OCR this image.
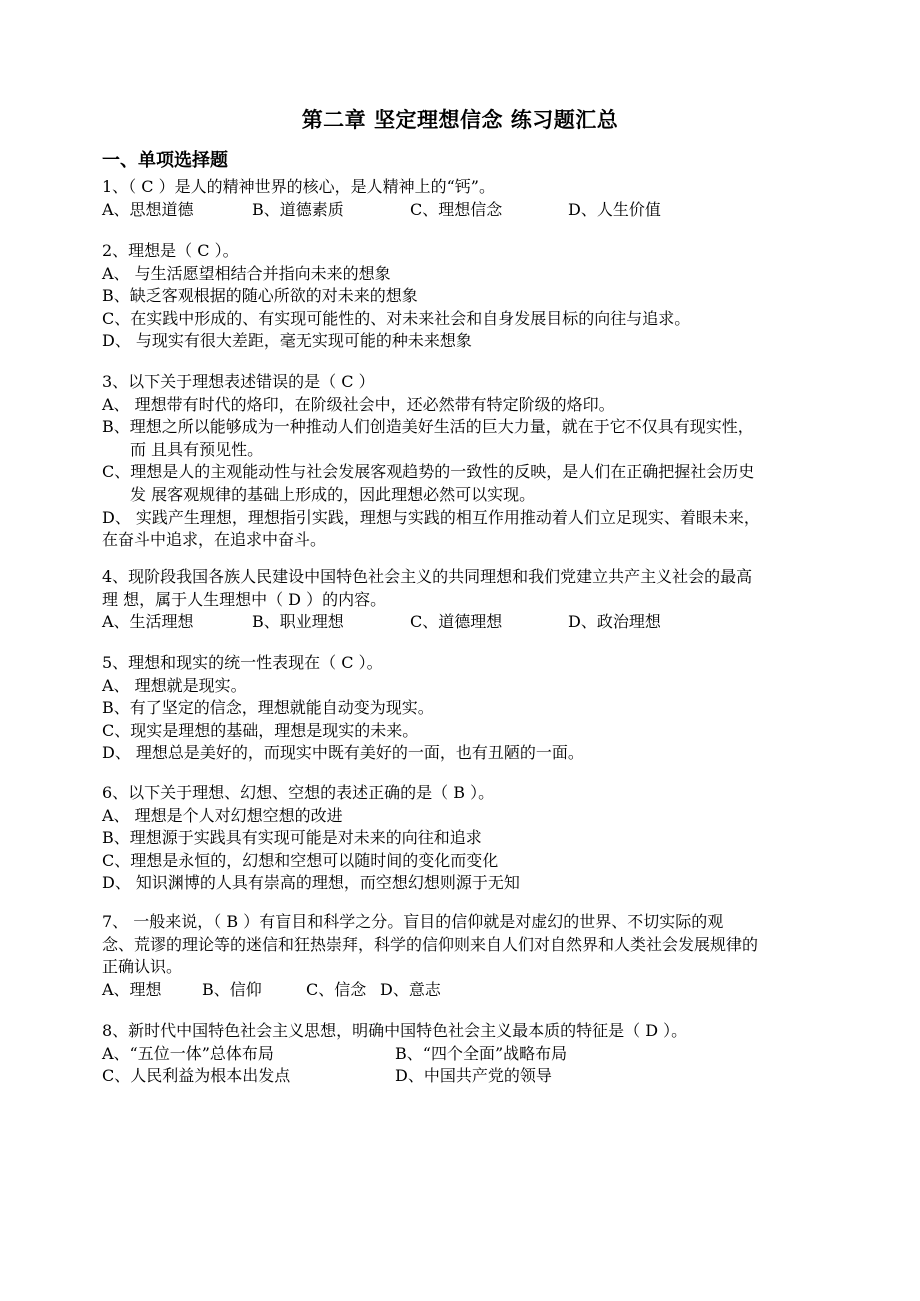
第二章 坚定理想信念 练习题汇总
一、单项选择题
1、（ C ）是人的精神世界的核心，是人精神上的“钙”。
A、思想道德	B、道德素质	C、理想信念	D、人生价值
2、理想是（ C ）。
A、 与生活愿望相结合并指向未来的想象
B、缺乏客观根据的随心所欲的对未来的想象
C、在实践中形成的、有实现可能性的、对未来社会和自身发展目标的向往与追求。
D、 与现实有很大差距，毫无实现可能的种未来想象
3、以下关于理想表述错误的是（ C ）
A、 理想带有时代的烙印，在阶级社会中，还必然带有特定阶级的烙印。
B、理想之所以能够成为一种推动人们创造美好生活的巨大力量，就在于它不仅具有现实性，
而 且具有预见性。
C、理想是人的主观能动性与社会发展客观趋势的一致性的反映，是人们在正确把握社会历史
发 展客观规律的基础上形成的，因此理想必然可以实现。
D、 实践产生理想，理想指引实践，理想与实践的相互作用推动着人们立足现实、着眼未来，
在奋斗中追求，在追求中奋斗。
4、现阶段我国各族人民建设中国特色社会主义的共同理想和我们党建立共产主义社会的最高
理 想，属于人生理想中（ D ）的内容。
A、生活理想	B、职业理想	C、道德理想	D、政治理想
5、理想和现实的统一性表现在（ C ）。
A、 理想就是现实。
B、有了坚定的信念，理想就能自动变为现实。
C、现实是理想的基础，理想是现实的未来。
D、 理想总是美好的，而现实中既有美好的一面，也有丑陋的一面。
6、以下关于理想、幻想、空想的表述正确的是（ B ）。
A、 理想是个人对幻想空想的改进
B、理想源于实践具有实现可能是对未来的向往和追求
C、理想是永恒的，幻想和空想可以随时间的变化而变化
D、 知识渊博的人具有崇高的理想，而空想幻想则源于无知
7、 一般来说，（ B ）有盲目和科学之分。盲目的信仰就是对虚幻的世界、不切实际的观
念、荒谬的理论等的迷信和狂热崇拜，科学的信仰则来自人们对自然界和人类社会发展规律的
正确认识。
A、理想	B、信仰	C、信念 D、意志
8、新时代中国特色社会主义思想，明确中国特色社会主义最本质的特征是（ D ）。
A、“五位一体”总体布局	B、“四个全面”战略布局
C、人民利益为根本出发点	D、中国共产党的领导
